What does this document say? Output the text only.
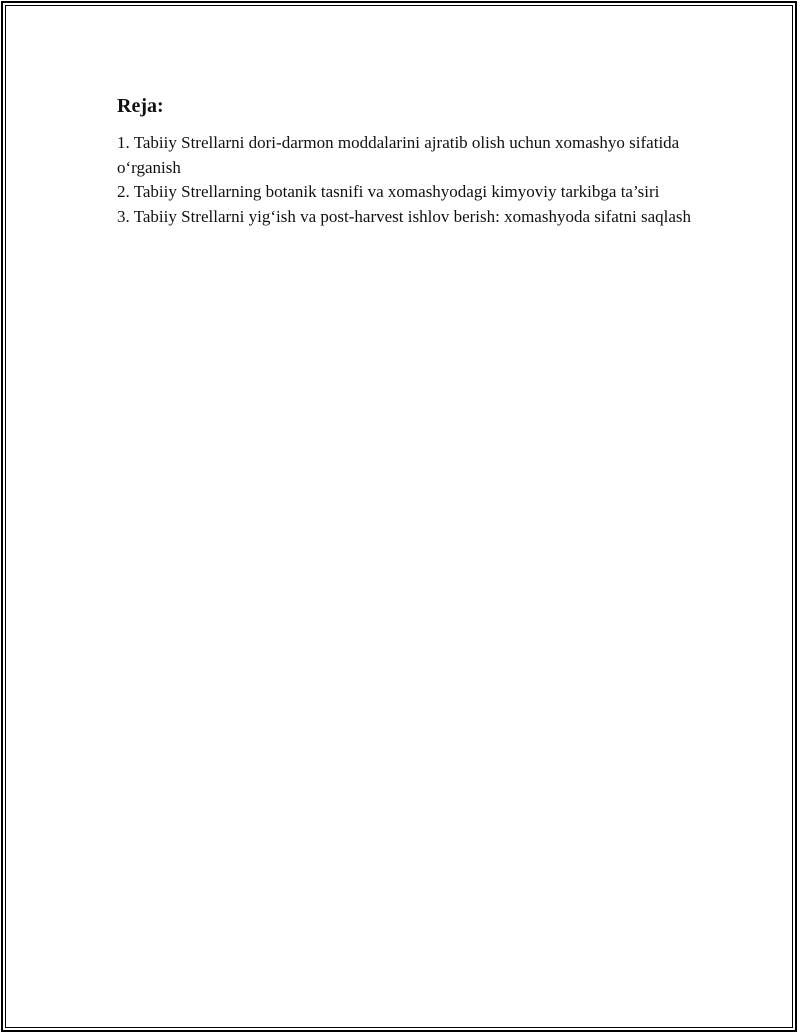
Reja:

1. Tabiiy Strellarni dori-darmon moddalarini ajratib olish uchun xomashyo sifatida o‘rganish

2. Tabiiy Strellarning botanik tasnifi va xomashyodagi kimyoviy tarkibga ta’siri

3. Tabiiy Strellarni yig‘ish va post-harvest ishlov berish: xomashyoda sifatni saqlash
